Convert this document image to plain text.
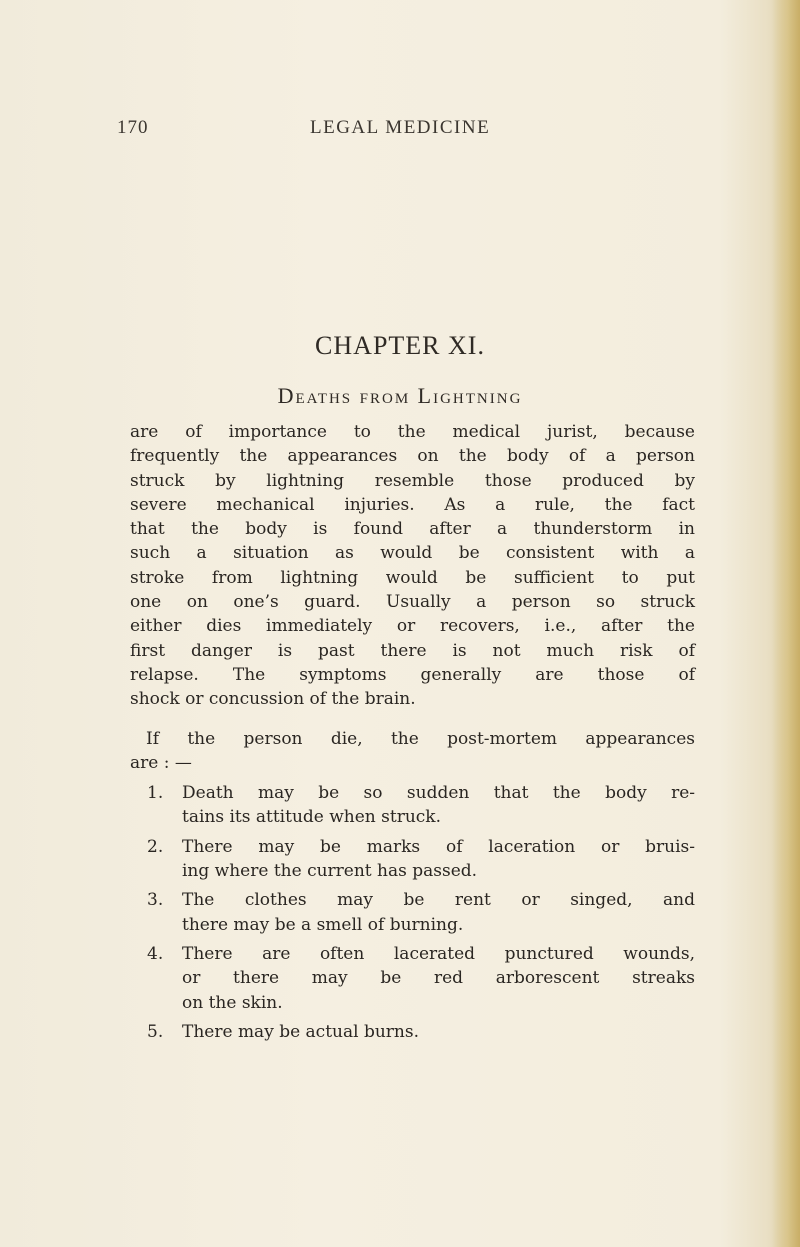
170	LEGAL MEDICINE
CHAPTER XI.
Deaths from Lightning

are of importance to the medical jurist, because
frequently the appearances on the body of a person
struck by lightning resemble those produced by
severe mechanical injuries. As a rule, the fact
that the body is found after a thunderstorm in
such a situation as would be consistent with a
stroke from lightning would be sufficient to put
one on one’s guard. Usually a person so struck
either dies immediately or recovers, i.e., after the
first danger is past there is not much risk of
relapse. The symptoms generally are those of
shock or concussion of the brain.

If the person die, the post-mortem appearances
are : —

1. Death may be so sudden that the body re-
tains its attitude when struck.
2. There may be marks of laceration or bruis-
ing where the current has passed.
3. The clothes may be rent or singed, and
there may be a smell of burning.
4. There are often lacerated punctured wounds,
or there may be red arborescent streaks
on the skin.
5. There may be actual burns.
